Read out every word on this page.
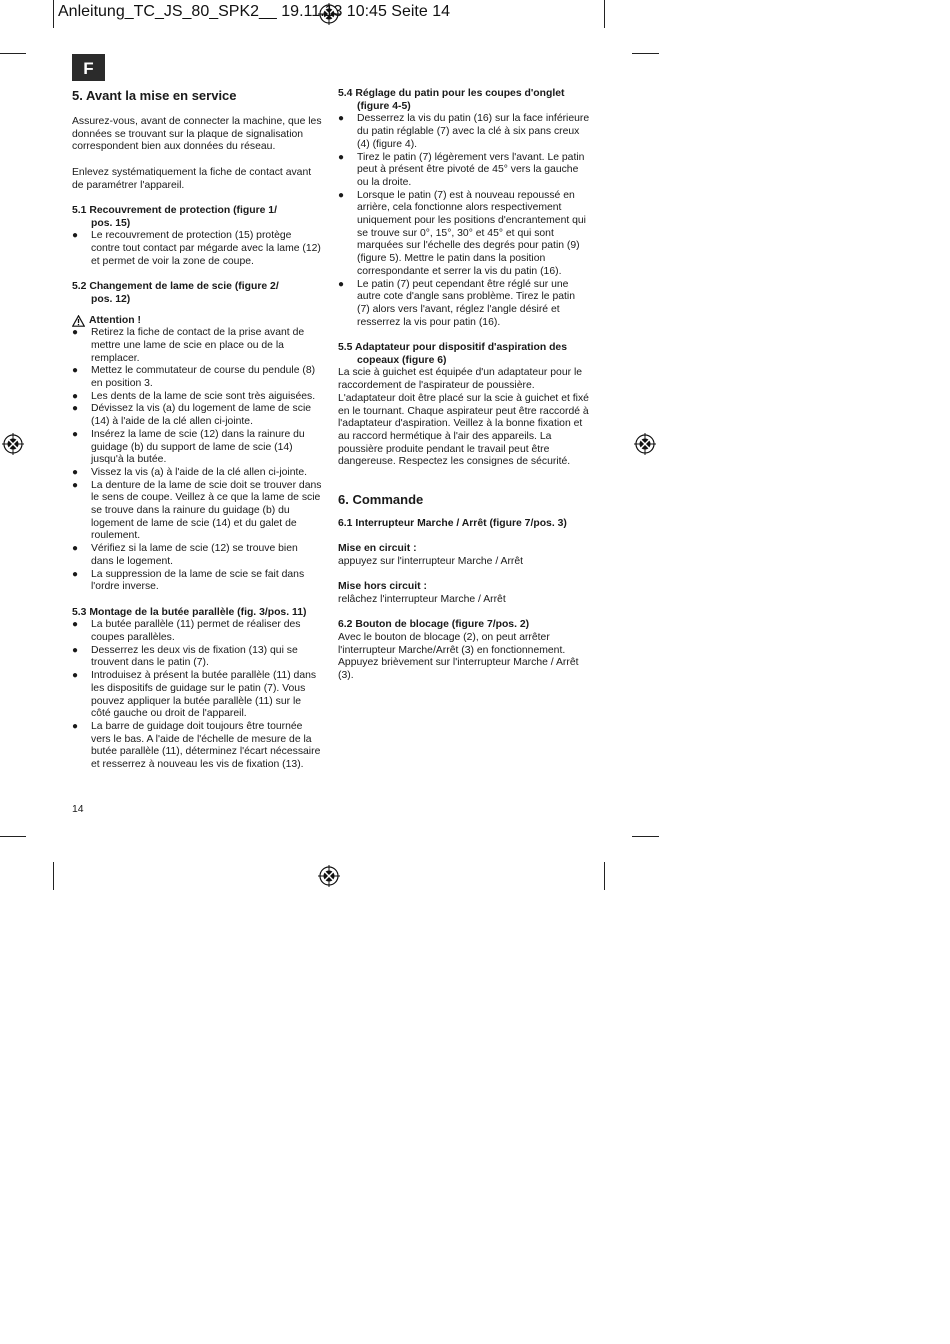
Anleitung_TC_JS_80_SPK2__ 19.11.13 10:45 Seite 14
F
5. Avant la mise en service
Assurez-vous, avant de connecter la machine, que les données se trouvant sur la plaque de signalisation correspondent bien aux données du réseau.
Enlevez systématiquement la fiche de contact avant de paramétrer l'appareil.
5.1 Recouvrement de protection (figure 1/
pos. 15)
● Le recouvrement de protection (15) protège contre tout contact par mégarde avec la lame (12) et permet de voir la zone de coupe.
5.2 Changement de lame de scie (figure 2/
pos. 12)
Attention !
● Retirez la fiche de contact de la prise avant de mettre une lame de scie en place ou de la remplacer.
● Mettez le commutateur de course du pendule (8) en position 3.
● Les dents de la lame de scie sont très aiguisées.
● Dévissez la vis (a) du logement de lame de scie (14) à l'aide de la clé allen ci-jointe.
● Insérez la lame de scie (12) dans la rainure du guidage (b) du support de lame de scie (14) jusqu'à la butée.
● Vissez la vis (a) à l'aide de la clé allen ci-jointe.
● La denture de la lame de scie doit se trouver dans le sens de coupe. Veillez à ce que la lame de scie se trouve dans la rainure du guidage (b) du logement de lame de scie (14) et du galet de roulement.
● Vérifiez si la lame de scie (12) se trouve bien dans le logement.
● La suppression de la lame de scie se fait dans l'ordre inverse.
5.3 Montage de la butée parallèle (fig. 3/pos. 11)
● La butée parallèle (11) permet de réaliser des coupes parallèles.
● Desserrez les deux vis de fixation (13) qui se trouvent dans le patin (7).
● Introduisez à présent la butée parallèle (11) dans les dispositifs de guidage sur le patin (7). Vous pouvez appliquer la butée parallèle (11) sur le côté gauche ou droit de l'appareil.
● La barre de guidage doit toujours être tournée vers le bas. A l'aide de l'échelle de mesure de la butée parallèle (11), déterminez l'écart nécessaire et resserrez à nouveau les vis de fixation (13).
5.4 Réglage du patin pour les coupes d'onglet
(figure 4-5)
● Desserrez la vis du patin (16) sur la face inférieure du patin réglable (7) avec la clé à six pans creux (4) (figure 4).
● Tirez le patin (7) légèrement vers l'avant. Le patin peut à présent être pivoté de 45° vers la gauche ou la droite.
● Lorsque le patin (7) est à nouveau repoussé en arrière, cela fonctionne alors respectivement uniquement pour les positions d'encrantement qui se trouve sur 0°, 15°, 30° et 45° et qui sont marquées sur l'échelle des degrés pour patin (9) (figure 5). Mettre le patin dans la position correspondante et serrer la vis du patin (16).
● Le patin (7) peut cependant être réglé sur une autre cote d'angle sans problème. Tirez le patin (7) alors vers l'avant, réglez l'angle désiré et resserrez la vis pour patin (16).
5.5 Adaptateur pour dispositif d'aspiration des
copeaux (figure 6)
La scie à guichet est équipée d'un adaptateur pour le raccordement de l'aspirateur de poussière. L'adaptateur doit être placé sur la scie à guichet et fixé en le tournant. Chaque aspirateur peut être raccordé à l'adaptateur d'aspiration. Veillez à la bonne fixation et au raccord hermétique à l'air des appareils. La poussière produite pendant le travail peut être dangereuse. Respectez les consignes de sécurité.
6. Commande
6.1 Interrupteur Marche / Arrêt (figure 7/pos. 3)
Mise en circuit :
appuyez sur l'interrupteur Marche / Arrêt
Mise hors circuit :
relâchez l'interrupteur Marche / Arrêt
6.2 Bouton de blocage (figure 7/pos. 2)
Avec le bouton de blocage (2), on peut arrêter l'interrupteur Marche/Arrêt (3) en fonctionnement. Appuyez brièvement sur l'interrupteur Marche / Arrêt (3).
14
